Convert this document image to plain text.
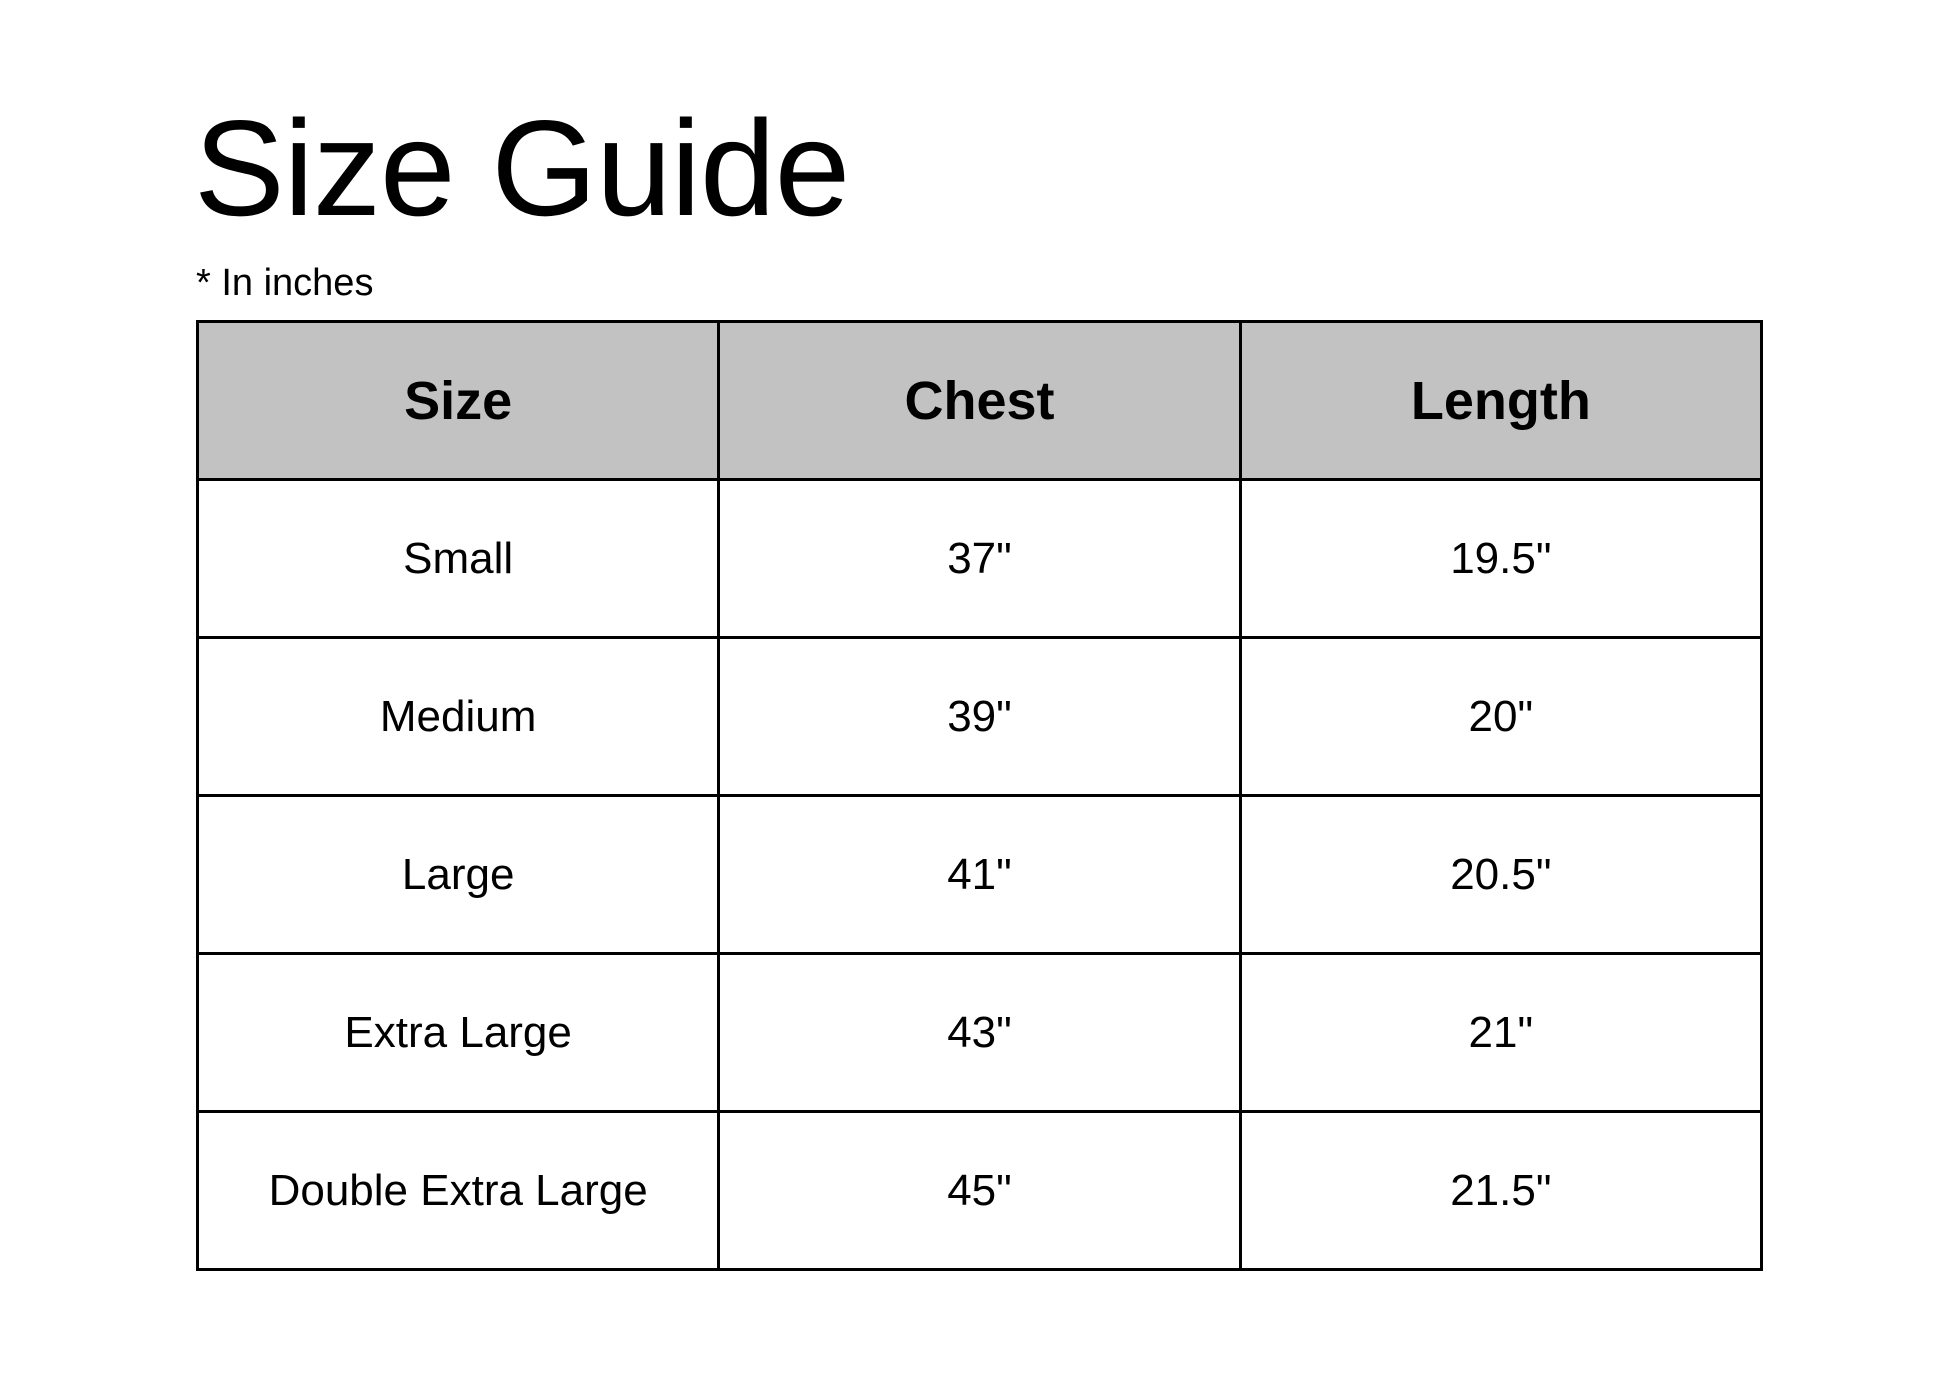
Size Guide

* In inches

Size	Chest	Length
Small	37"	19.5"
Medium	39"	20"
Large	41"	20.5"
Extra Large	43"	21"
Double Extra Large	45"	21.5"
